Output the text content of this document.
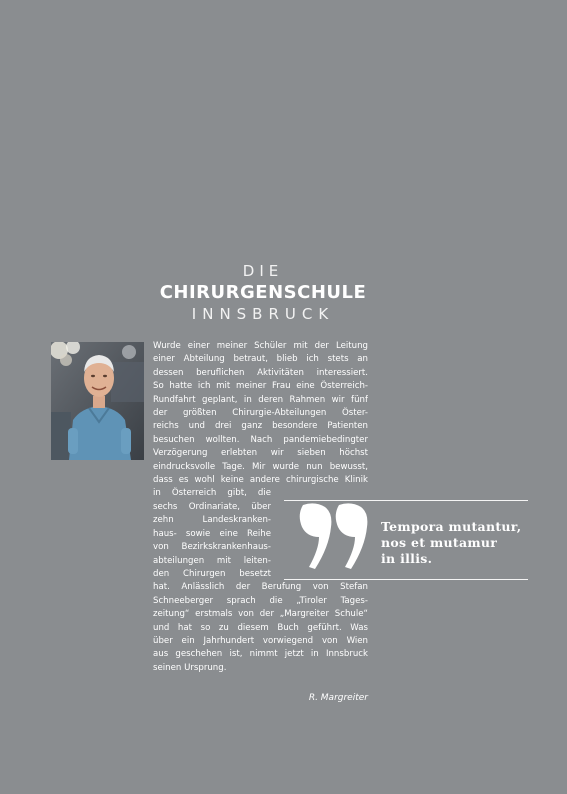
DIE
CHIRURGENSCHULE
INNSBRUCK
Wurde einer meiner Schüler mit der Leitung
einer Abteilung betraut, blieb ich stets an
dessen beruflichen Aktivitäten interessiert.
So hatte ich mit meiner Frau eine Österreich-
Rundfahrt geplant, in deren Rahmen wir fünf
der größten Chirurgie-Abteilungen Öster-
reichs und drei ganz besondere Patienten
besuchen wollten. Nach pandemiebedingter
Verzögerung erlebten wir sieben höchst
eindrucksvolle Tage. Mir wurde nun bewusst,
dass es wohl keine andere chirurgische Klinik
in Österreich gibt, die
sechs Ordinariate, über
zehn Landeskranken-
haus- sowie eine Reihe
von Bezirkskrankenhaus-
abteilungen mit leiten-
den Chirurgen besetzt
hat. Anlässlich der Berufung von Stefan
Schneeberger sprach die „Tiroler Tages-
zeitung“ erstmals von der „Margreiter Schule“
und hat so zu diesem Buch geführt. Was
über ein Jahrhundert vorwiegend von Wien
aus geschehen ist, nimmt jetzt in Innsbruck
seinen Ursprung.
R. Margreiter
Tempora mutantur,
nos et mutamur
in illis.
